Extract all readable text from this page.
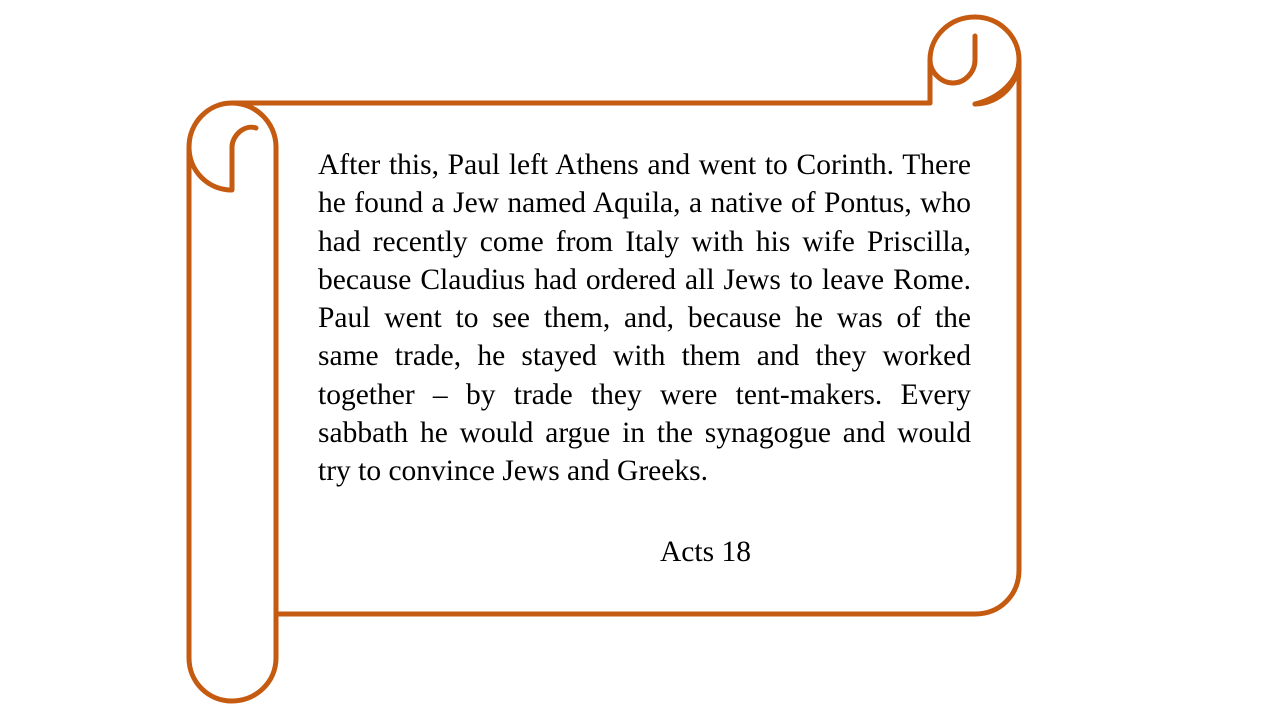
After this, Paul left Athens and went to Corinth. There he found a Jew named Aquila, a native of Pontus, who had recently come from Italy with his wife Priscilla, because Claudius had ordered all Jews to leave Rome. Paul went to see them, and, because he was of the same trade, he stayed with them and they worked together – by trade they were tent-makers. Every sabbath he would argue in the synagogue and would try to convince Jews and Greeks.

Acts 18
